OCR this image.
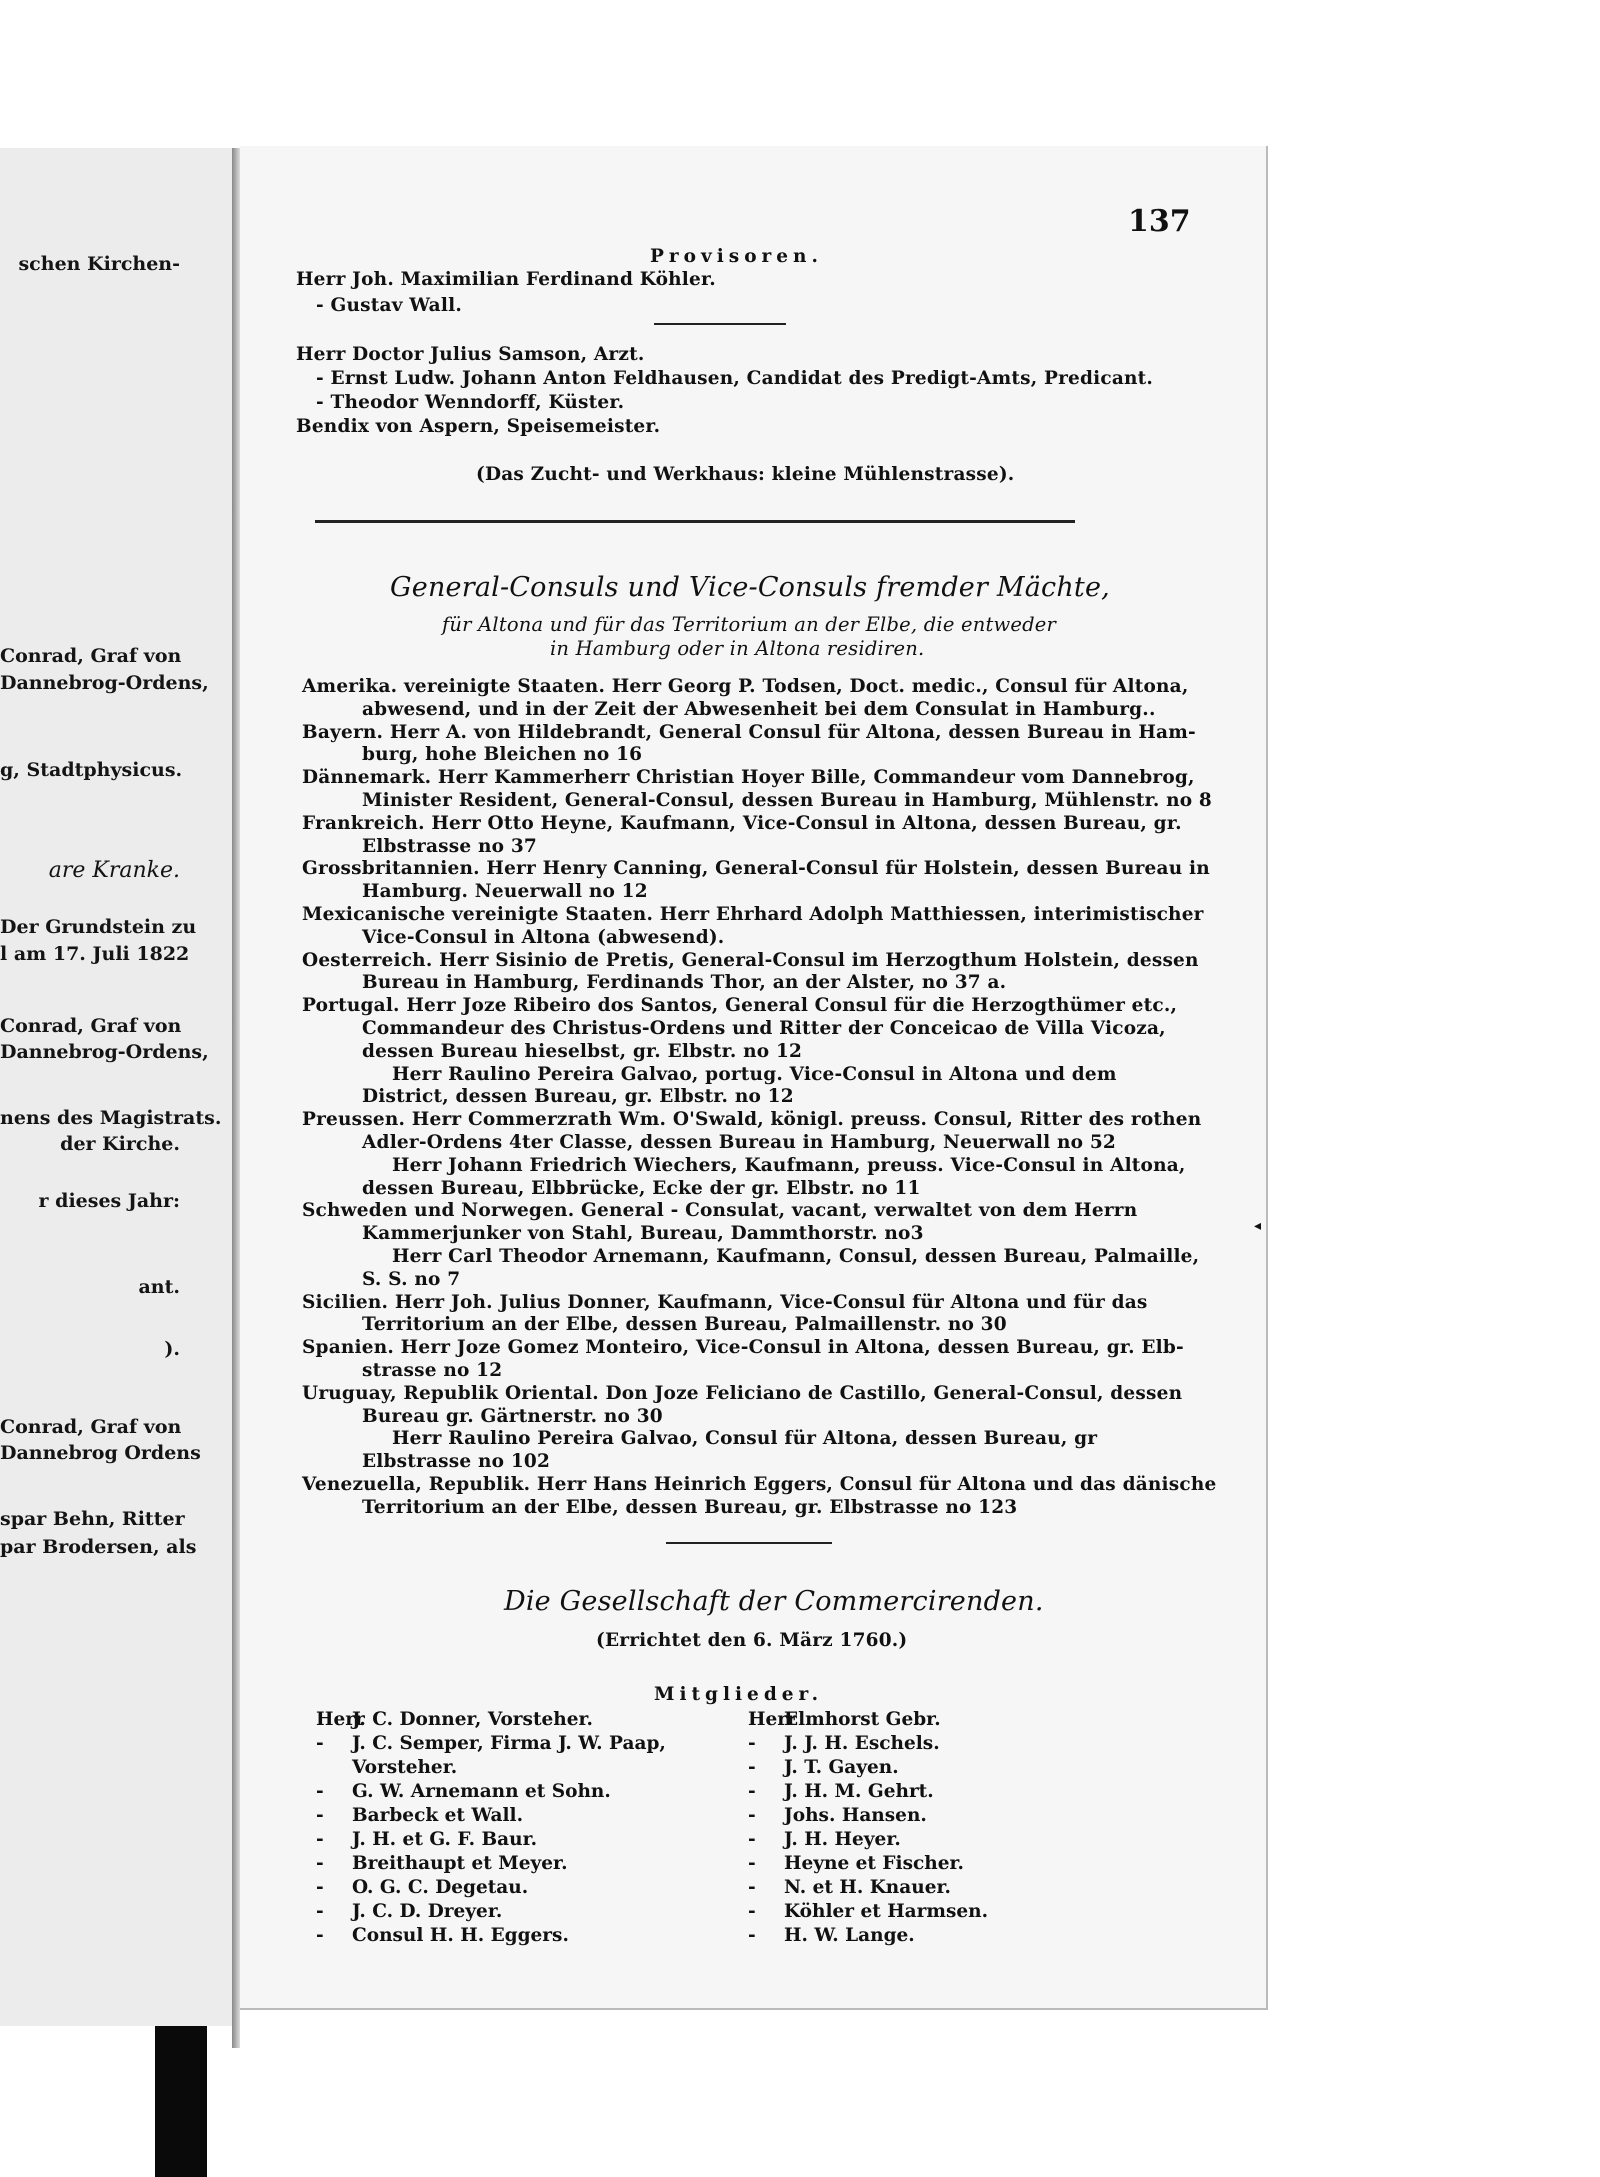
schen Kirchen-
Conrad, Graf von
Dannebrog-Ordens,
g, Stadtphysicus.
are Kranke.
Der Grundstein zu
l am 17. Juli 1822
Conrad, Graf von
Dannebrog-Ordens,
nens des Magistrats.
der Kirche.
r dieses Jahr:
ant.
).
Conrad, Graf von
Dannebrog Ordens
spar Behn, Ritter
par Brodersen, als
137
Provisoren.
Herr Joh. Maximilian Ferdinand Köhler.
- Gustav Wall.
Herr Doctor Julius Samson, Arzt.
- Ernst Ludw. Johann Anton Feldhausen, Candidat des Predigt-Amts, Predicant.
- Theodor Wenndorff, Küster.
Bendix von Aspern, Speisemeister.
(Das Zucht- und Werkhaus: kleine Mühlenstrasse).
General-Consuls und Vice-Consuls fremder Mächte,
für Altona und für das Territorium an der Elbe, die entweder
in Hamburg oder in Altona residiren.
Amerika. vereinigte Staaten. Herr Georg P. Todsen, Doct. medic., Consul für Altona,
abwesend, und in der Zeit der Abwesenheit bei dem Consulat in Hamburg..
Bayern. Herr A. von Hildebrandt, General Consul für Altona, dessen Bureau in Ham-
burg, hohe Bleichen no 16
Dännemark. Herr Kammerherr Christian Hoyer Bille, Commandeur vom Dannebrog,
Minister Resident, General-Consul, dessen Bureau in Hamburg, Mühlenstr. no 8
Frankreich. Herr Otto Heyne, Kaufmann, Vice-Consul in Altona, dessen Bureau, gr.
Elbstrasse no 37
Grossbritannien. Herr Henry Canning, General-Consul für Holstein, dessen Bureau in
Hamburg. Neuerwall no 12
Mexicanische vereinigte Staaten. Herr Ehrhard Adolph Matthiessen, interimistischer
Vice-Consul in Altona (abwesend).
Oesterreich. Herr Sisinio de Pretis, General-Consul im Herzogthum Holstein, dessen
Bureau in Hamburg, Ferdinands Thor, an der Alster, no 37 a.
Portugal. Herr Joze Ribeiro dos Santos, General Consul für die Herzogthümer etc.,
Commandeur des Christus-Ordens und Ritter der Conceicao de Villa Vicoza,
dessen Bureau hieselbst, gr. Elbstr. no 12
Herr Raulino Pereira Galvao, portug. Vice-Consul in Altona und dem
District, dessen Bureau, gr. Elbstr. no 12
Preussen. Herr Commerzrath Wm. O'Swald, königl. preuss. Consul, Ritter des rothen
Adler-Ordens 4ter Classe, dessen Bureau in Hamburg, Neuerwall no 52
Herr Johann Friedrich Wiechers, Kaufmann, preuss. Vice-Consul in Altona,
dessen Bureau, Elbbrücke, Ecke der gr. Elbstr. no 11
Schweden und Norwegen. General - Consulat, vacant, verwaltet von dem Herrn
Kammerjunker von Stahl, Bureau, Dammthorstr. no3
Herr Carl Theodor Arnemann, Kaufmann, Consul, dessen Bureau, Palmaille,
S. S. no 7
Sicilien. Herr Joh. Julius Donner, Kaufmann, Vice-Consul für Altona und für das
Territorium an der Elbe, dessen Bureau, Palmaillenstr. no 30
Spanien. Herr Joze Gomez Monteiro, Vice-Consul in Altona, dessen Bureau, gr. Elb-
strasse no 12
Uruguay, Republik Oriental. Don Joze Feliciano de Castillo, General-Consul, dessen
Bureau gr. Gärtnerstr. no 30
Herr Raulino Pereira Galvao, Consul für Altona, dessen Bureau, gr
Elbstrasse no 102
Venezuella, Republik. Herr Hans Heinrich Eggers, Consul für Altona und das dänische
Territorium an der Elbe, dessen Bureau, gr. Elbstrasse no 123
Die Gesellschaft der Commercirenden.
(Errichtet den 6. März 1760.)
Mitglieder.
HerrJ. C. Donner, Vorsteher.
- J. C. Semper, Firma J. W. Paap,
Vorsteher.
- G. W. Arnemann et Sohn.
- Barbeck et Wall.
- J. H. et G. F. Baur.
- Breithaupt et Meyer.
- O. G. C. Degetau.
- J. C. D. Dreyer.
- Consul H. H. Eggers.
HerrElmhorst Gebr.
- J. J. H. Eschels.
- J. T. Gayen.
- J. H. M. Gehrt.
- Johs. Hansen.
- J. H. Heyer.
- Heyne et Fischer.
- N. et H. Knauer.
- Köhler et Harmsen.
- H. W. Lange.
◂
